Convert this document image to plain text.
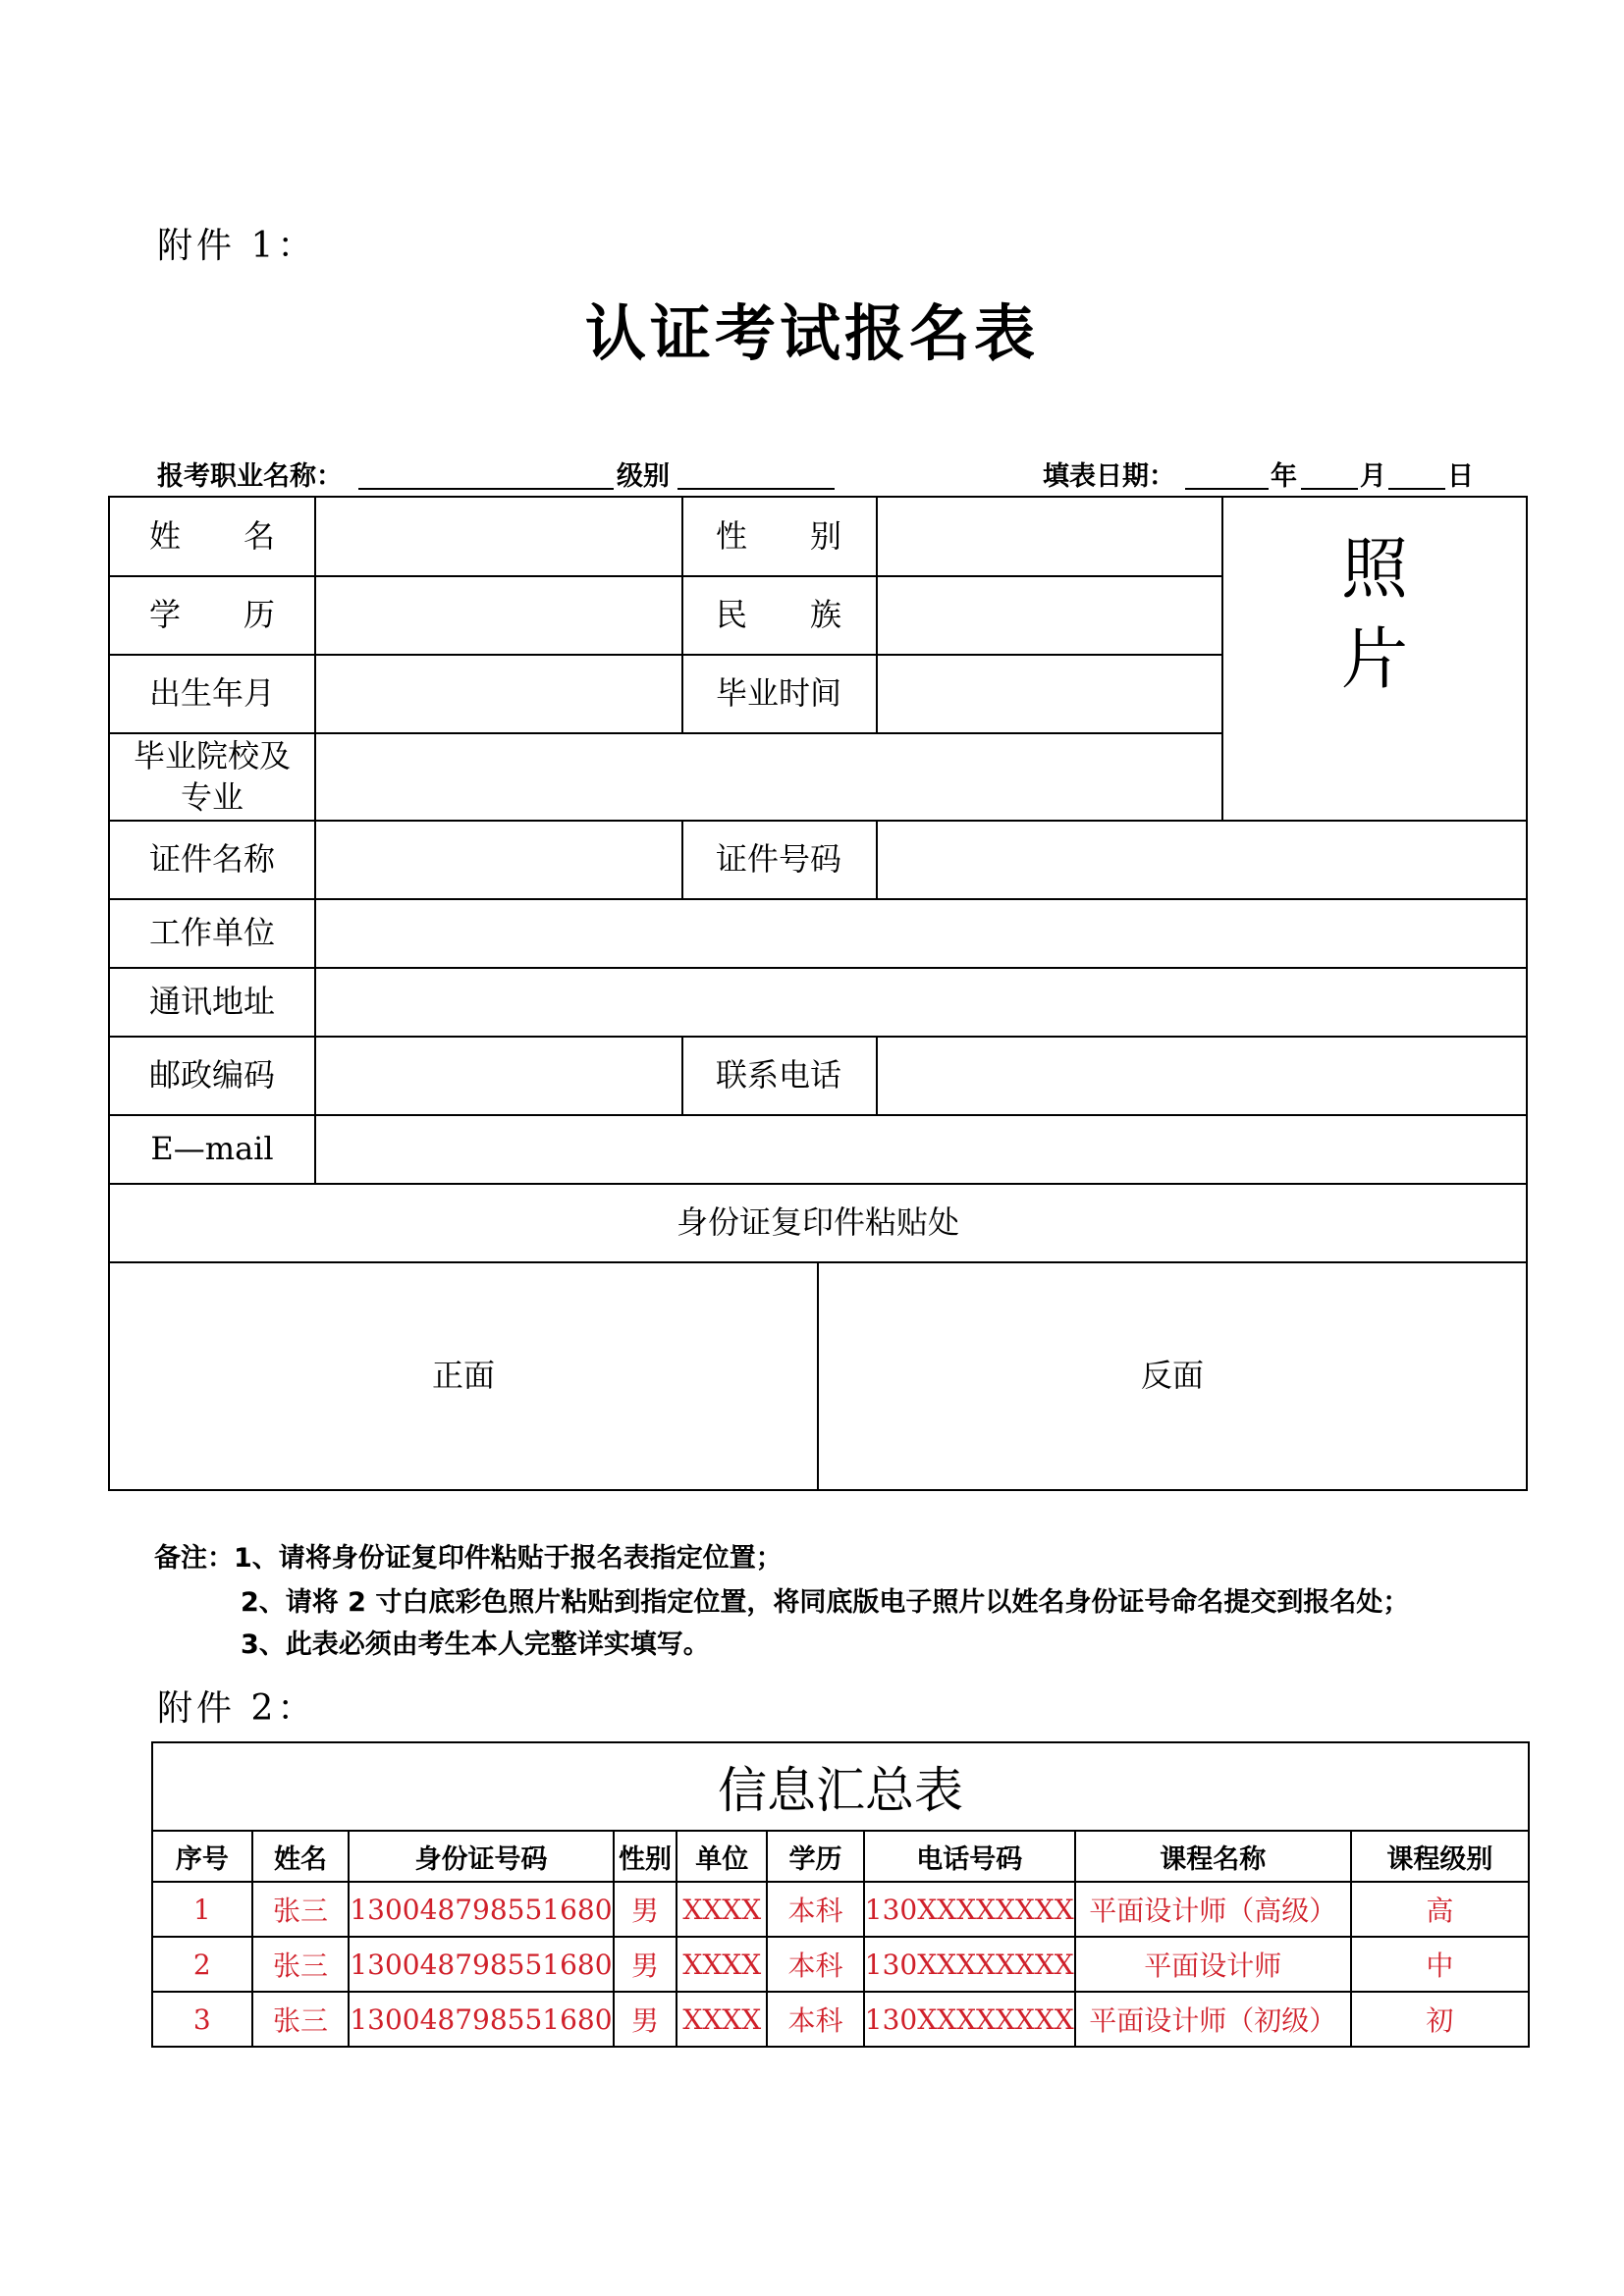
附件 1：
认证考试报名表
报考职业名称：	级别	填表日期：	年 月 日
姓　　名	性　　别
学　　历	民　　族
出生年月	毕业时间
毕业院校及专业
证件名称	证件号码
工作单位
通讯地址
邮政编码	联系电话
E—mail
照
片
身份证复印件粘贴处
正面	反面
备注：1、请将身份证复印件粘贴于报名表指定位置；
2、请将 2 寸白底彩色照片粘贴到指定位置，将同底版电子照片以姓名身份证号命名提交到报名处；
3、此表必须由考生本人完整详实填写。
附件 2：
信息汇总表								
序号	姓名	身份证号码	性别	单位	学历	电话号码	课程名称	课程级别
1	张三	130048798551680	男	XXXX	本科	130XXXXXXXX	平面设计师（高级）	高
2	张三	130048798551680	男	XXXX	本科	130XXXXXXXX	平面设计师	中
3	张三	130048798551680	男	XXXX	本科	130XXXXXXXX	平面设计师（初级）	初
